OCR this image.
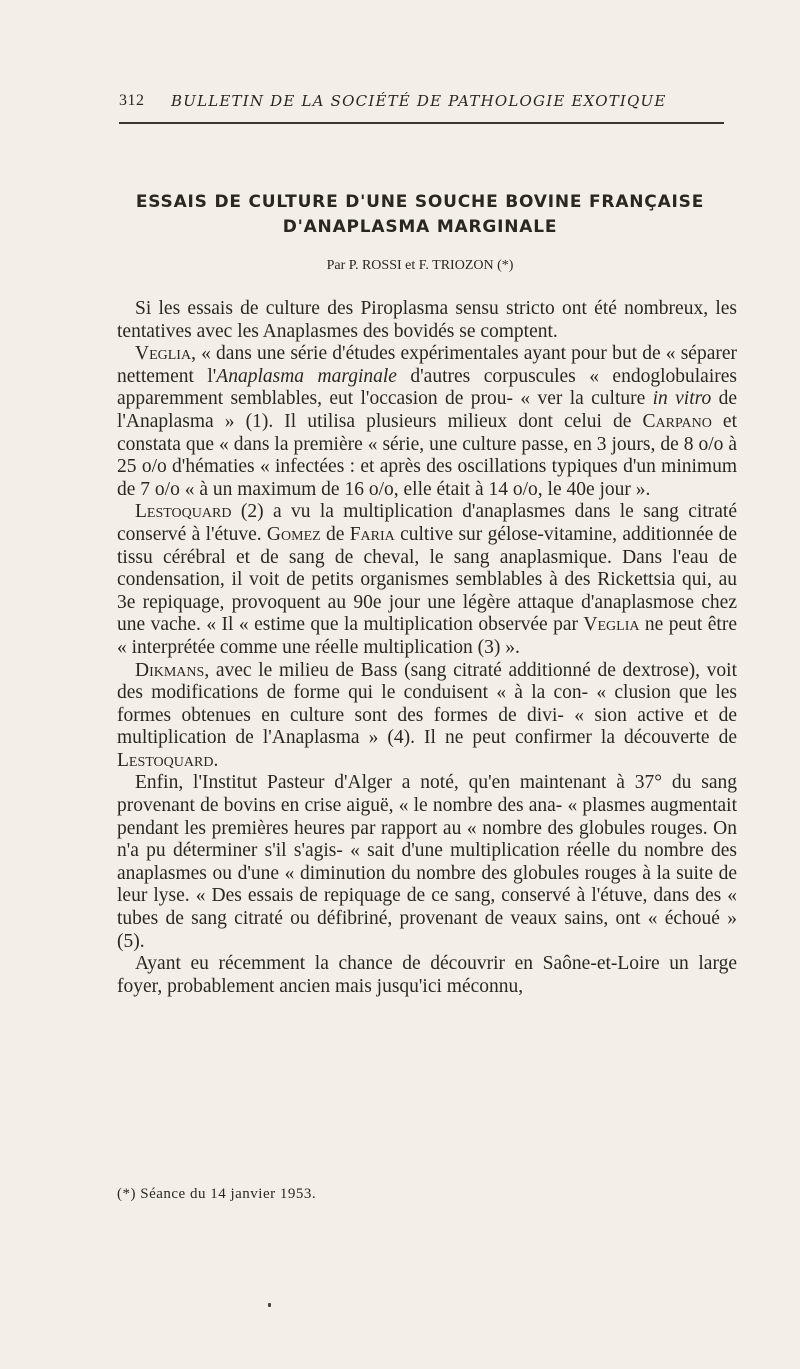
312 BULLETIN DE LA SOCIÉTÉ DE PATHOLOGIE EXOTIQUE
ESSAIS DE CULTURE D'UNE SOUCHE BOVINE FRANÇAISE
D'ANAPLASMA MARGINALE
Par P. ROSSI et F. TRIOZON (*)

Si les essais de culture des Piroplasma sensu stricto ont été nombreux, les tentatives avec les Anaplasmes des bovidés se comptent.

Veglia, « dans une série d'études expérimentales ayant pour but de « séparer nettement l'Anaplasma marginale d'autres corpuscules « endoglobulaires apparemment semblables, eut l'occasion de prou- « ver la culture in vitro de l'Anaplasma » (1). Il utilisa plusieurs milieux dont celui de Carpano et constata que « dans la première « série, une culture passe, en 3 jours, de 8 o/o à 25 o/o d'hématies « infectées : et après des oscillations typiques d'un minimum de 7 o/o « à un maximum de 16 o/o, elle était à 14 o/o, le 40e jour ».

Lestoquard (2) a vu la multiplication d'anaplasmes dans le sang citraté conservé à l'étuve. Gomez de Faria cultive sur gélose-vitamine, additionnée de tissu cérébral et de sang de cheval, le sang anaplasmique. Dans l'eau de condensation, il voit de petits organismes semblables à des Rickettsia qui, au 3e repiquage, provoquent au 90e jour une légère attaque d'anaplasmose chez une vache. « Il « estime que la multiplication observée par Veglia ne peut être « interprétée comme une réelle multiplication (3) ».

Dikmans, avec le milieu de Bass (sang citraté additionné de dextrose), voit des modifications de forme qui le conduisent « à la con- « clusion que les formes obtenues en culture sont des formes de divi- « sion active et de multiplication de l'Anaplasma » (4). Il ne peut confirmer la découverte de Lestoquard.

Enfin, l'Institut Pasteur d'Alger a noté, qu'en maintenant à 37° du sang provenant de bovins en crise aiguë, « le nombre des ana- « plasmes augmentait pendant les premières heures par rapport au « nombre des globules rouges. On n'a pu déterminer s'il s'agis- « sait d'une multiplication réelle du nombre des anaplasmes ou d'une « diminution du nombre des globules rouges à la suite de leur lyse. « Des essais de repiquage de ce sang, conservé à l'étuve, dans des « tubes de sang citraté ou défibriné, provenant de veaux sains, ont « échoué » (5).

Ayant eu récemment la chance de découvrir en Saône-et-Loire un large foyer, probablement ancien mais jusqu'ici méconnu,

(*) Séance du 14 janvier 1953.
